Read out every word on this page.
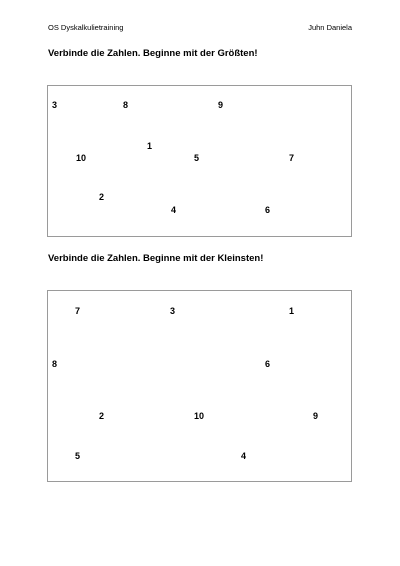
OS Dyskalkulietraining	Juhn Daniela
Verbinde die Zahlen. Beginne mit der Größten!
3	8	9
1
10	5	7
2
4	6
Verbinde die Zahlen. Beginne mit der Kleinsten!
7	3	1
8	6
2	10	9
5	4
